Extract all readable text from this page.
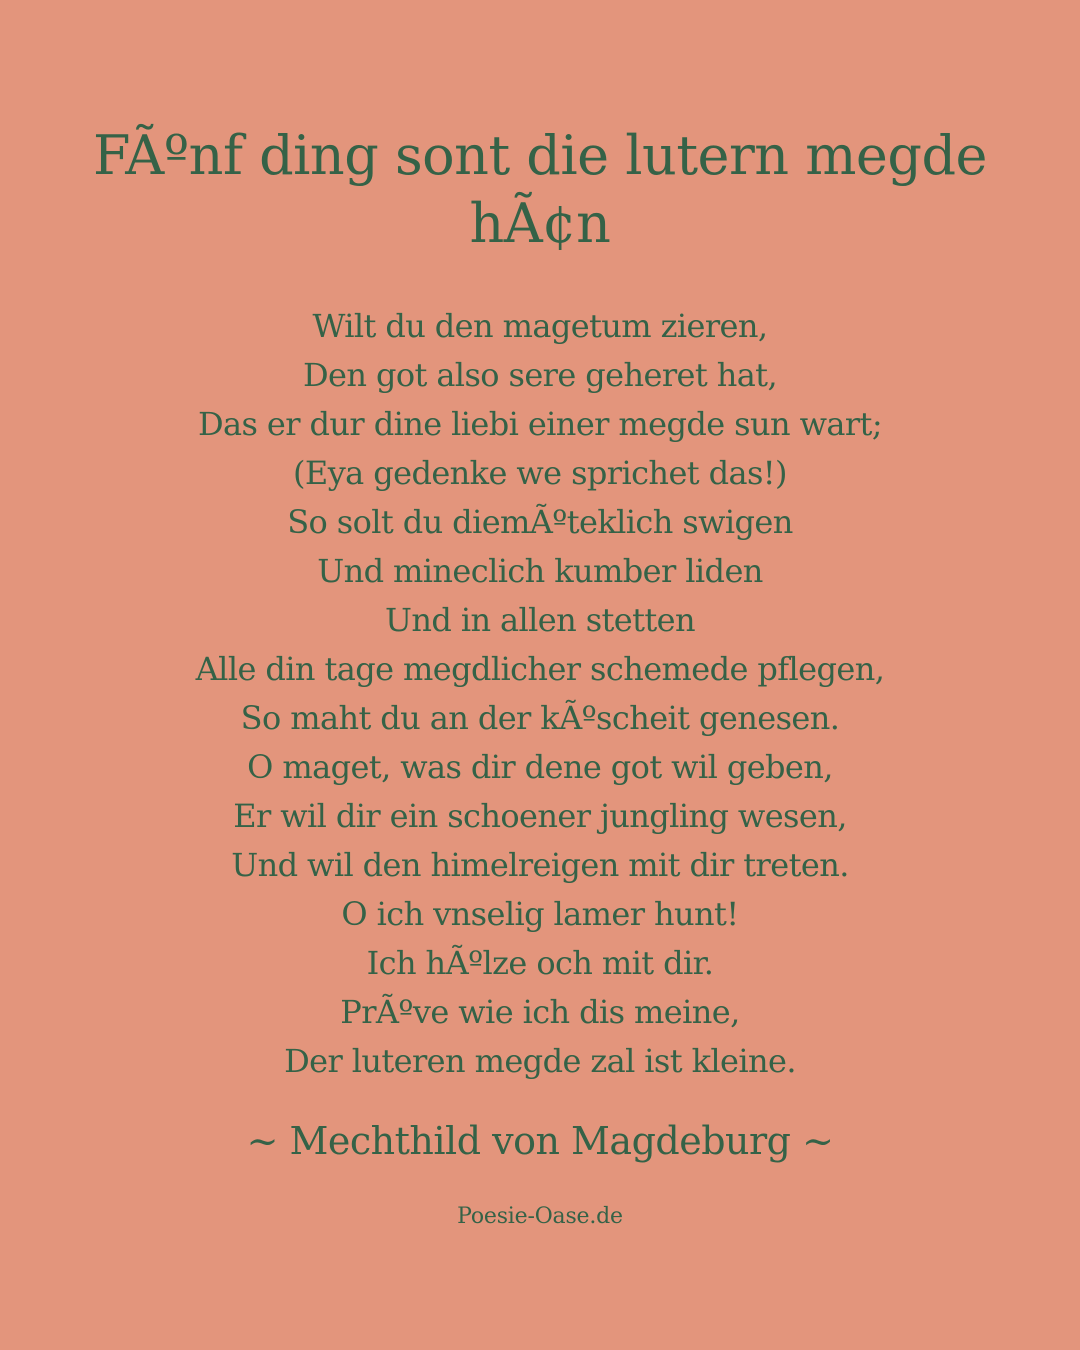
FÃºnf ding sont die lutern megde hÃ¢n
Wilt du den magetum zieren,
Den got also sere geheret hat,
Das er dur dine liebi einer megde sun wart;
(Eya gedenke we sprichet das!)
So solt du diemÃºteklich swigen
Und mineclich kumber liden
Und in allen stetten
Alle din tage megdlicher schemede pflegen,
So maht du an der kÃºscheit genesen.
O maget, was dir dene got wil geben,
Er wil dir ein schoener jungling wesen,
Und wil den himelreigen mit dir treten.
O ich vnselig lamer hunt!
Ich hÃºlze och mit dir.
PrÃºve wie ich dis meine,
Der luteren megde zal ist kleine.

~ Mechthild von Magdeburg ~

Poesie-Oase.de
